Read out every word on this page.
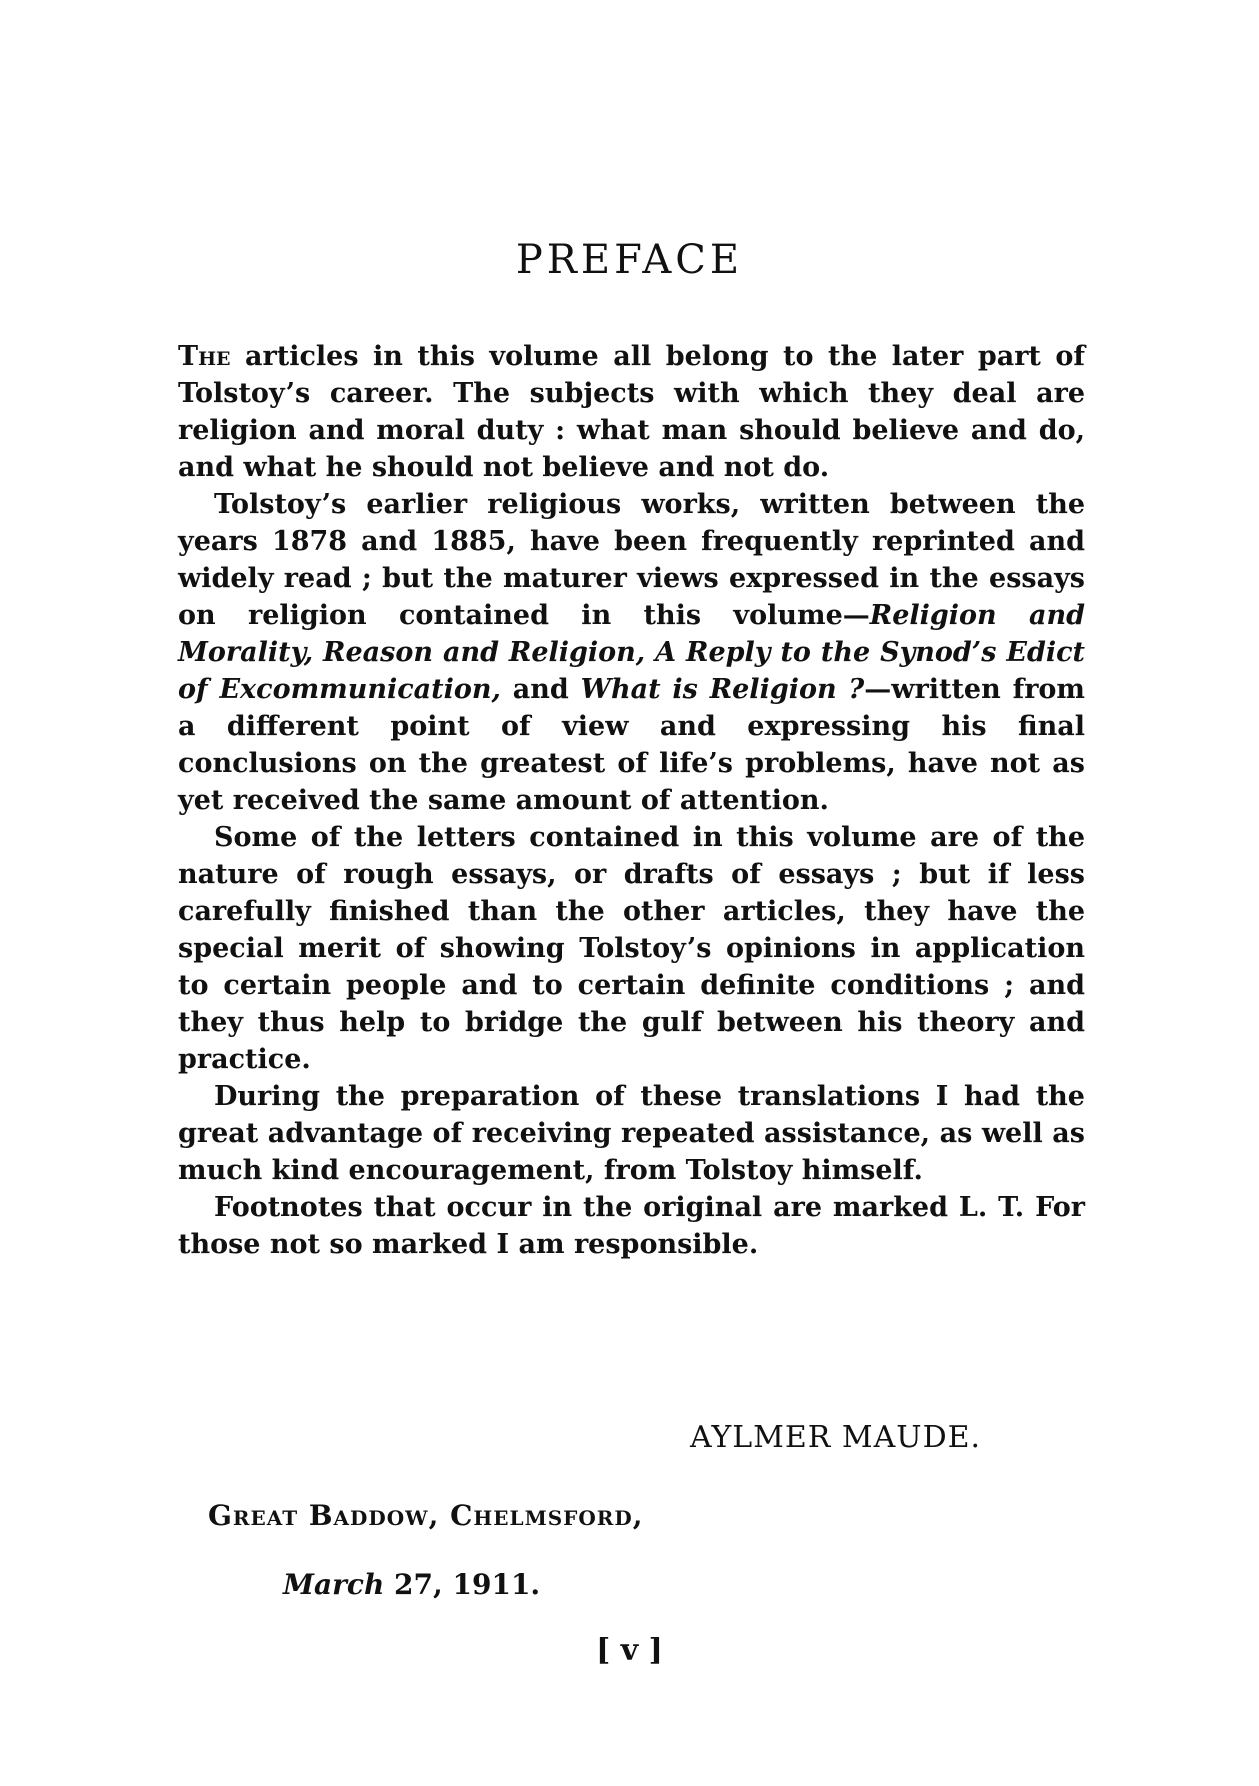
PREFACE

The articles in this volume all belong to the later part of Tolstoy’s career. The subjects with which they deal are religion and moral duty : what man should believe and do, and what he should not believe and not do.

Tolstoy’s earlier religious works, written between the years 1878 and 1885, have been frequently reprinted and widely read ; but the maturer views expressed in the essays on religion contained in this volume—Religion and Morality, Reason and Religion, A Reply to the Synod’s Edict of Excommunication, and What is Religion ?—written from a different point of view and expressing his final conclusions on the greatest of life’s problems, have not as yet received the same amount of attention.

Some of the letters contained in this volume are of the nature of rough essays, or drafts of essays ; but if less carefully finished than the other articles, they have the special merit of showing Tolstoy’s opinions in application to certain people and to certain definite conditions ; and they thus help to bridge the gulf between his theory and practice.

During the preparation of these translations I had the great advantage of receiving repeated assistance, as well as much kind encouragement, from Tolstoy himself.

Footnotes that occur in the original are marked L. T. For those not so marked I am responsible.

AYLMER MAUDE.

Great Baddow, Chelmsford,

March 27, 1911.

[ v ]
